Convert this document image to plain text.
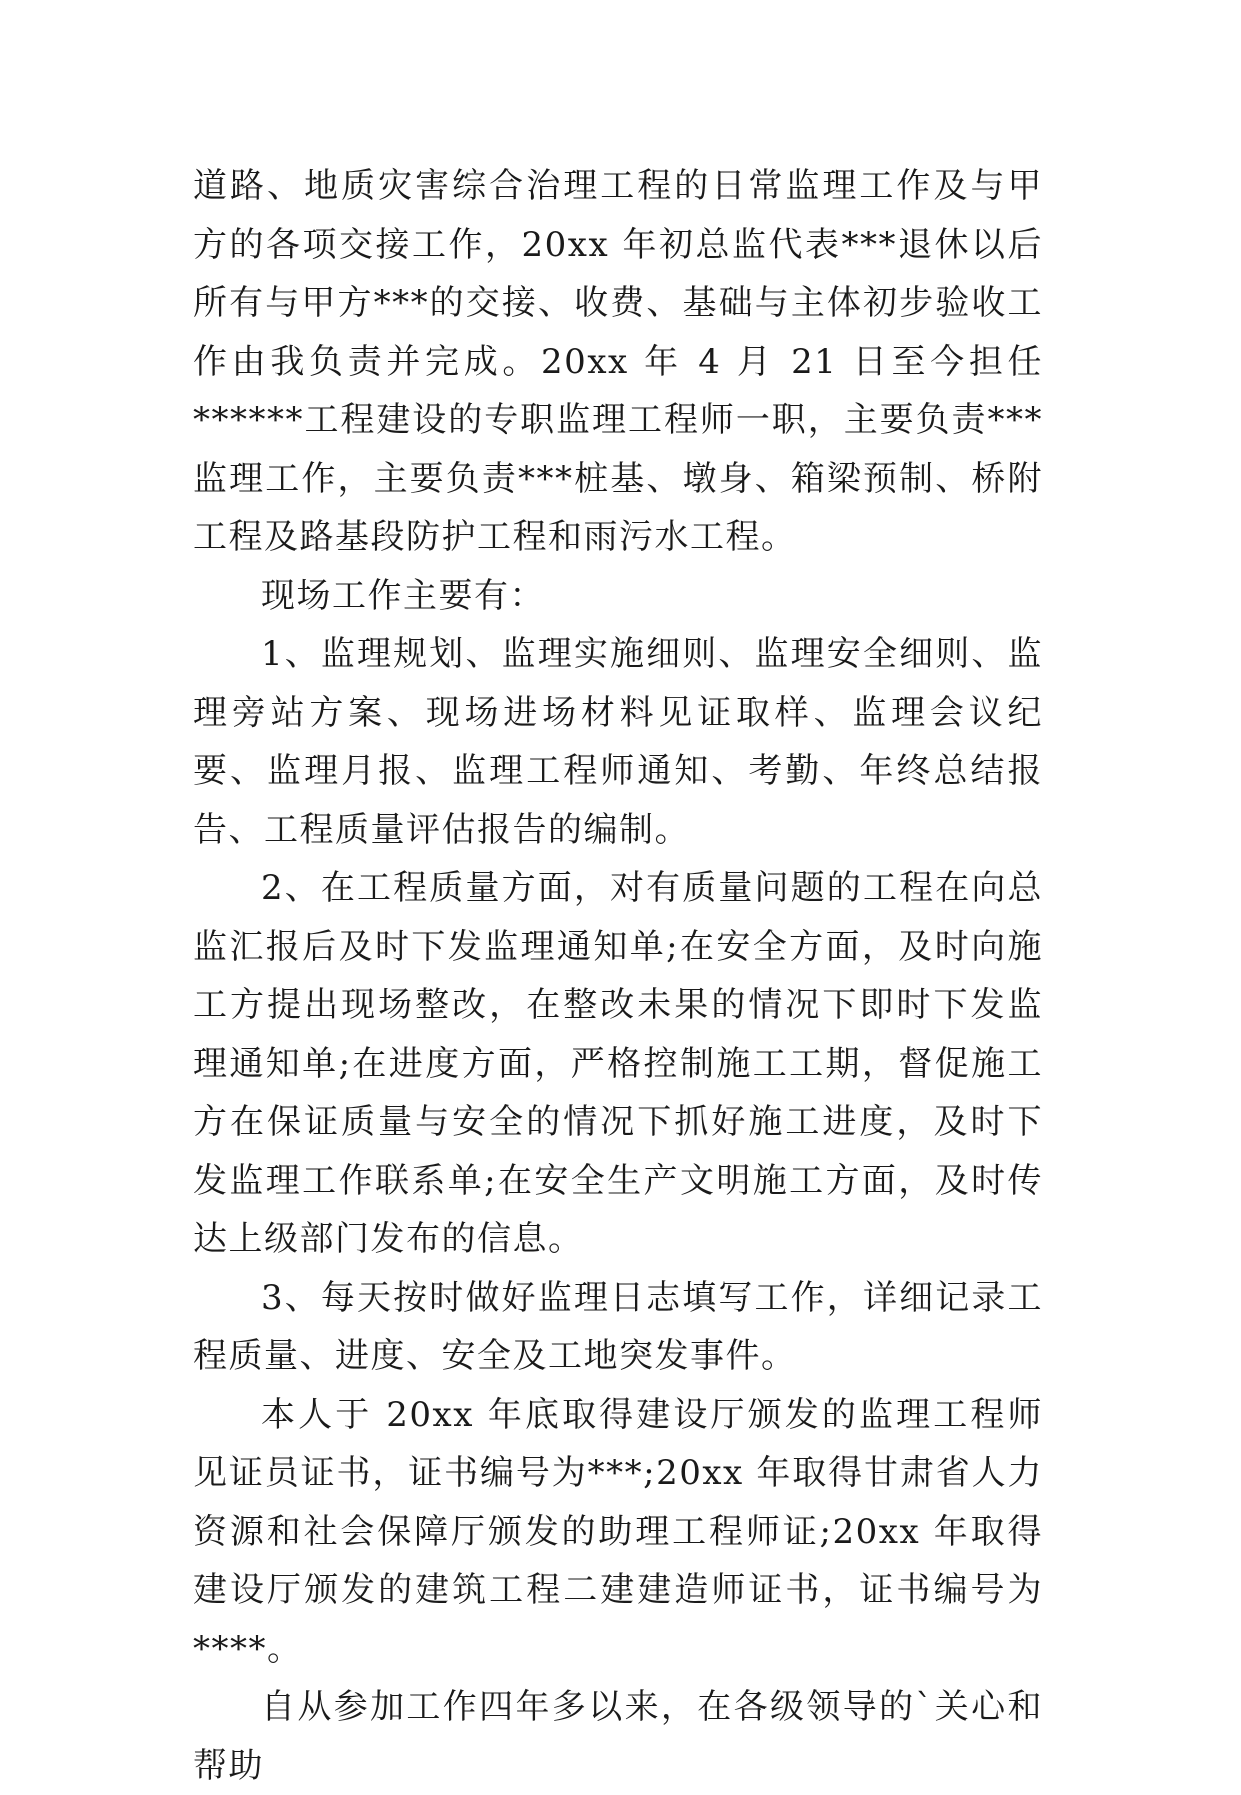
道路、地质灾害综合治理工程的日常监理工作及与甲方的各项交接工作，20xx 年初总监代表***退休以后所有与甲方***的交接、收费、基础与主体初步验收工作由我负责并完成。20xx 年 4 月 21 日至今担任******工程建设的专职监理工程师一职，主要负责***监理工作，主要负责***桩基、墩身、箱梁预制、桥附工程及路基段防护工程和雨污水工程。

现场工作主要有：

1、监理规划、监理实施细则、监理安全细则、监理旁站方案、现场进场材料见证取样、监理会议纪要、监理月报、监理工程师通知、考勤、年终总结报告、工程质量评估报告的编制。

2、在工程质量方面，对有质量问题的工程在向总监汇报后及时下发监理通知单;在安全方面，及时向施工方提出现场整改，在整改未果的情况下即时下发监理通知单;在进度方面，严格控制施工工期，督促施工方在保证质量与安全的情况下抓好施工进度，及时下发监理工作联系单;在安全生产文明施工方面，及时传达上级部门发布的信息。

3、每天按时做好监理日志填写工作，详细记录工程质量、进度、安全及工地突发事件。

本人于 20xx 年底取得建设厅颁发的监理工程师见证员证书，证书编号为***;20xx 年取得甘肃省人力资源和社会保障厅颁发的助理工程师证;20xx 年取得建设厅颁发的建筑工程二建建造师证书，证书编号为****。

自从参加工作四年多以来，在各级领导的`关心和帮助
